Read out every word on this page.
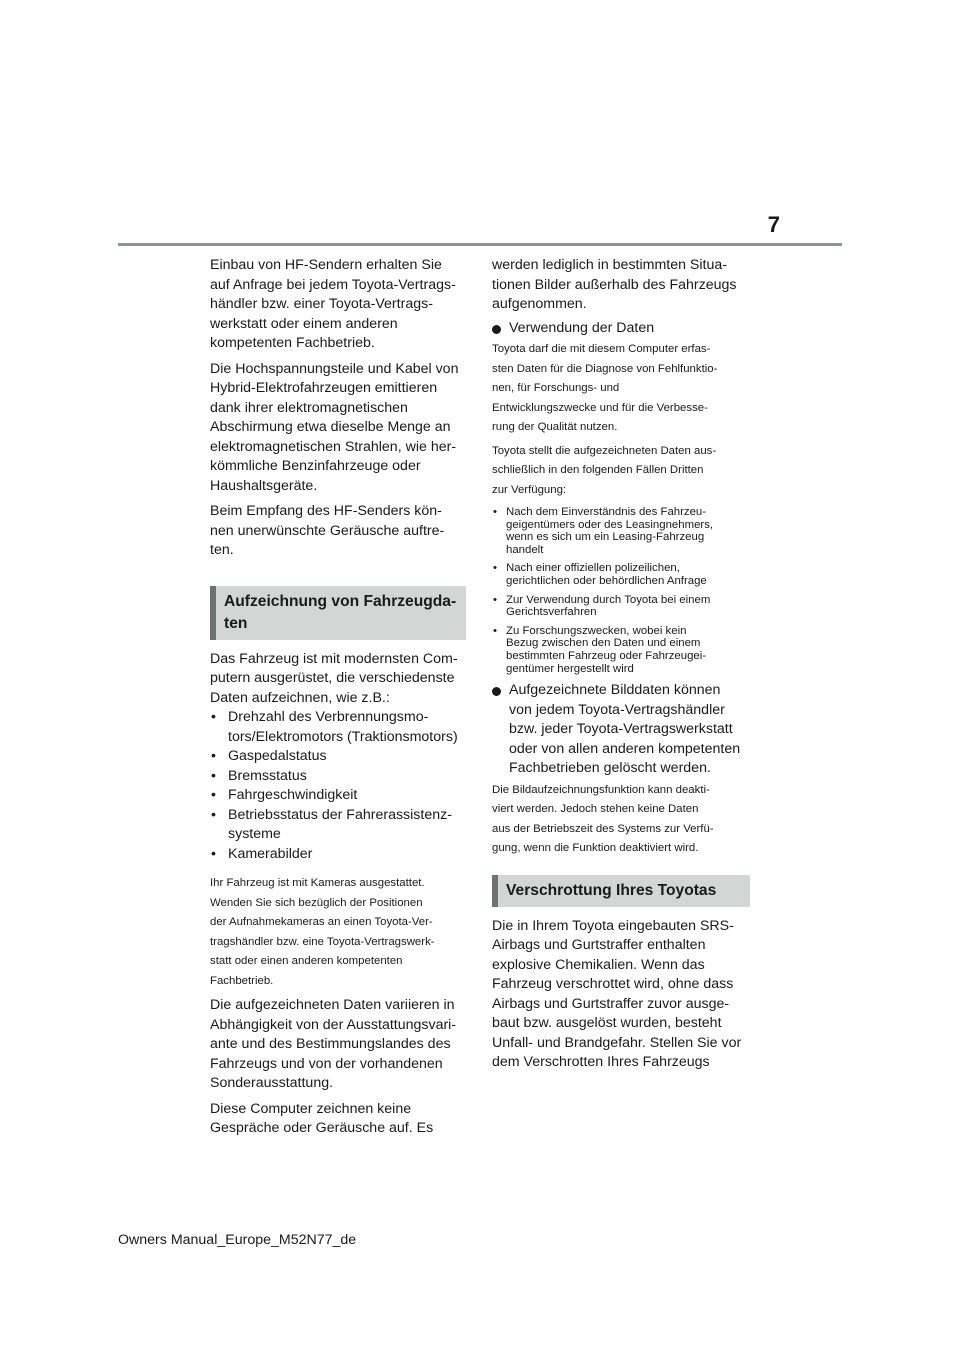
7

Einbau von HF-Sendern erhalten Sie
auf Anfrage bei jedem Toyota-Vertrags-
händler bzw. einer Toyota-Vertrags-
werkstatt oder einem anderen
kompetenten Fachbetrieb.

Die Hochspannungsteile und Kabel von
Hybrid-Elektrofahrzeugen emittieren
dank ihrer elektromagnetischen
Abschirmung etwa dieselbe Menge an
elektromagnetischen Strahlen, wie her-
kömmliche Benzinfahrzeuge oder
Haushaltsgeräte.

Beim Empfang des HF-Senders kön-
nen unerwünschte Geräusche auftre-
ten.

Aufzeichnung von Fahrzeugda-
ten

Das Fahrzeug ist mit modernsten Com-
putern ausgerüstet, die verschiedenste
Daten aufzeichnen, wie z.B.:

• Drehzahl des Verbrennungsmo-
tors/Elektromotors (Traktionsmotors)
• Gaspedalstatus
• Bremsstatus
• Fahrgeschwindigkeit
• Betriebsstatus der Fahrerassistenz-
systeme
• Kamerabilder

Ihr Fahrzeug ist mit Kameras ausgestattet.
Wenden Sie sich bezüglich der Positionen
der Aufnahmekameras an einen Toyota-Ver-
tragshändler bzw. eine Toyota-Vertragswerk-
statt oder einen anderen kompetenten
Fachbetrieb.

Die aufgezeichneten Daten variieren in
Abhängigkeit von der Ausstattungsvari-
ante und des Bestimmungslandes des
Fahrzeugs und von der vorhandenen
Sonderausstattung.

Diese Computer zeichnen keine
Gespräche oder Geräusche auf. Es

werden lediglich in bestimmten Situa-
tionen Bilder außerhalb des Fahrzeugs
aufgenommen.

Verwendung der Daten

Toyota darf die mit diesem Computer erfas-
sten Daten für die Diagnose von Fehlfunktio-
nen, für Forschungs- und
Entwicklungszwecke und für die Verbesse-
rung der Qualität nutzen.

Toyota stellt die aufgezeichneten Daten aus-
schließlich in den folgenden Fällen Dritten
zur Verfügung:

• Nach dem Einverständnis des Fahrzeu-
geigentümers oder des Leasingnehmers,
wenn es sich um ein Leasing-Fahrzeug
handelt
• Nach einer offiziellen polizeilichen,
gerichtlichen oder behördlichen Anfrage
• Zur Verwendung durch Toyota bei einem
Gerichtsverfahren
• Zu Forschungszwecken, wobei kein
Bezug zwischen den Daten und einem
bestimmten Fahrzeug oder Fahrzeugei-
gentümer hergestellt wird
Aufgezeichnete Bilddaten können
von jedem Toyota-Vertragshändler
bzw. jeder Toyota-Vertragswerkstatt
oder von allen anderen kompetenten
Fachbetrieben gelöscht werden.

Die Bildaufzeichnungsfunktion kann deakti-
viert werden. Jedoch stehen keine Daten
aus der Betriebszeit des Systems zur Verfü-
gung, wenn die Funktion deaktiviert wird.

Verschrottung Ihres Toyotas

Die in Ihrem Toyota eingebauten SRS-
Airbags und Gurtstraffer enthalten
explosive Chemikalien. Wenn das
Fahrzeug verschrottet wird, ohne dass
Airbags und Gurtstraffer zuvor ausge-
baut bzw. ausgelöst wurden, besteht
Unfall- und Brandgefahr. Stellen Sie vor
dem Verschrotten Ihres Fahrzeugs

Owners Manual_Europe_M52N77_de
